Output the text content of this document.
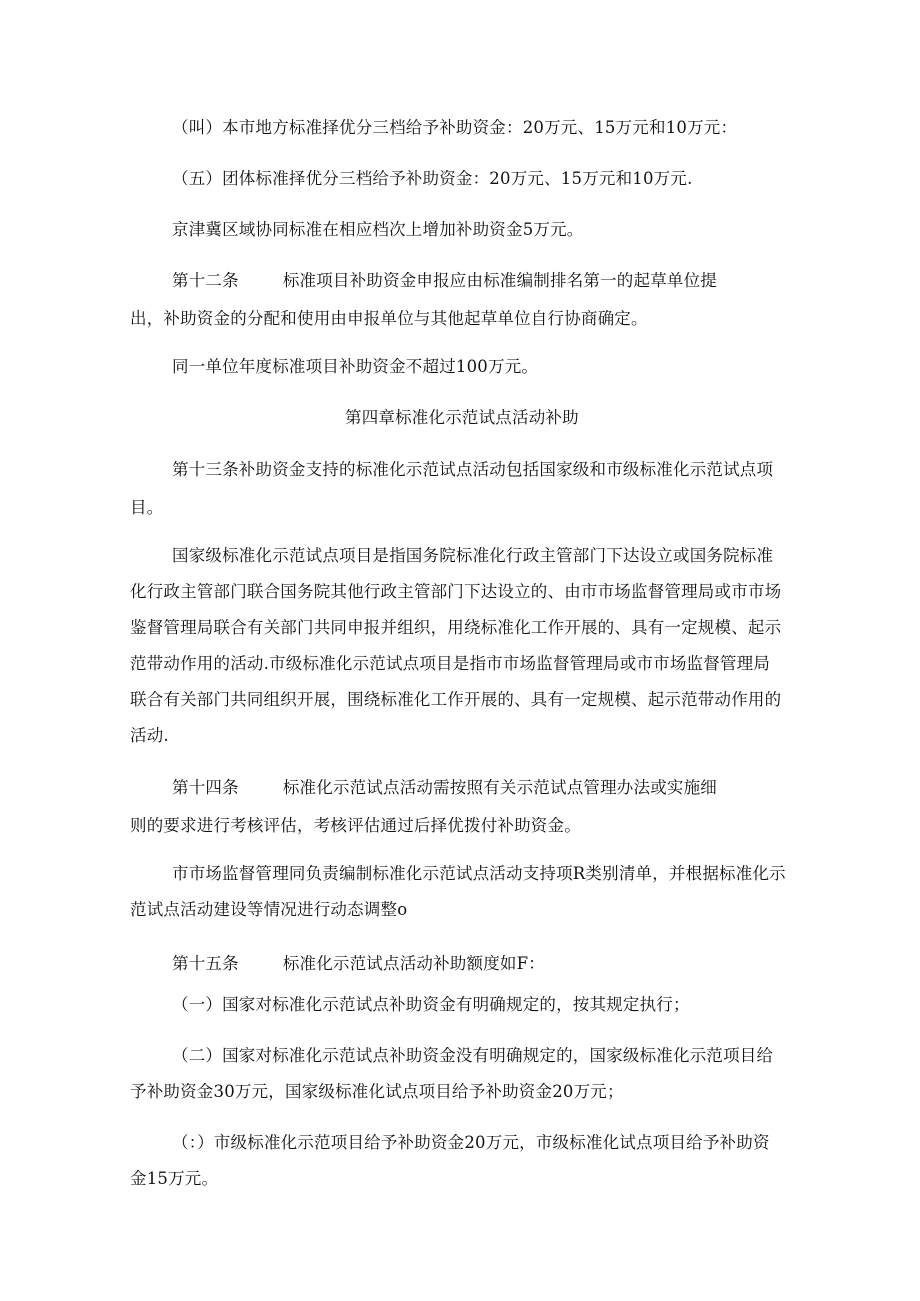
（叫）本市地方标准择优分三档给予补助资金：20万元、15万元和10万元：
（五）团体标准择优分三档给予补助资金：20万元、15万元和10万元.
京津冀区域协同标准在相应档次上增加补助资金5万元。
第十二条	标准项目补助资金申报应由标准编制排名第一的起草单位提
出，补助资金的分配和使用由申报单位与其他起草单位自行协商确定。
同一单位年度标准项目补助资金不超过100万元。
第四章标准化示范试点活动补助
第十三条补助资金支持的标准化示范试点活动包括国家级和市级标准化示范试点项
目。
国家级标准化示范试点项目是指国务院标准化行政主管部门下达设立或国务院标准
化行政主管部门联合国务院其他行政主管部门下达设立的、由市市场监督管理局或市市场
鉴督管理局联合有关部门共同申报并组织，用绕标准化工作开展的、具有一定规模、起示
范带动作用的活动.市级标准化示范试点项目是指市市场监督管理局或市市场监督管理局
联合有关部门共同组织开展，围绕标准化工作开展的、具有一定规模、起示范带动作用的
活动.
第十四条	标准化示范试点活动需按照有关示范试点管理办法或实施细
则的要求进行考核评估，考核评估通过后择优拨付补助资金。
市市场监督管理同负责编制标准化示范试点活动支持项R类别清单，并根据标准化示
范试点活动建设等情况进行动态调整o
第十五条	标准化示范试点活动补助额度如F：
（一）国家对标准化示范试点补助资金有明确规定的，按其规定执行；
（二）国家对标准化示范试点补助资金没有明确规定的，国家级标准化示范项目给
予补助资金30万元，国家级标准化试点项目给予补助资金20万元；
（：）市级标准化示范项目给予补助资金20万元，市级标准化试点项目给予补助资
金15万元。
